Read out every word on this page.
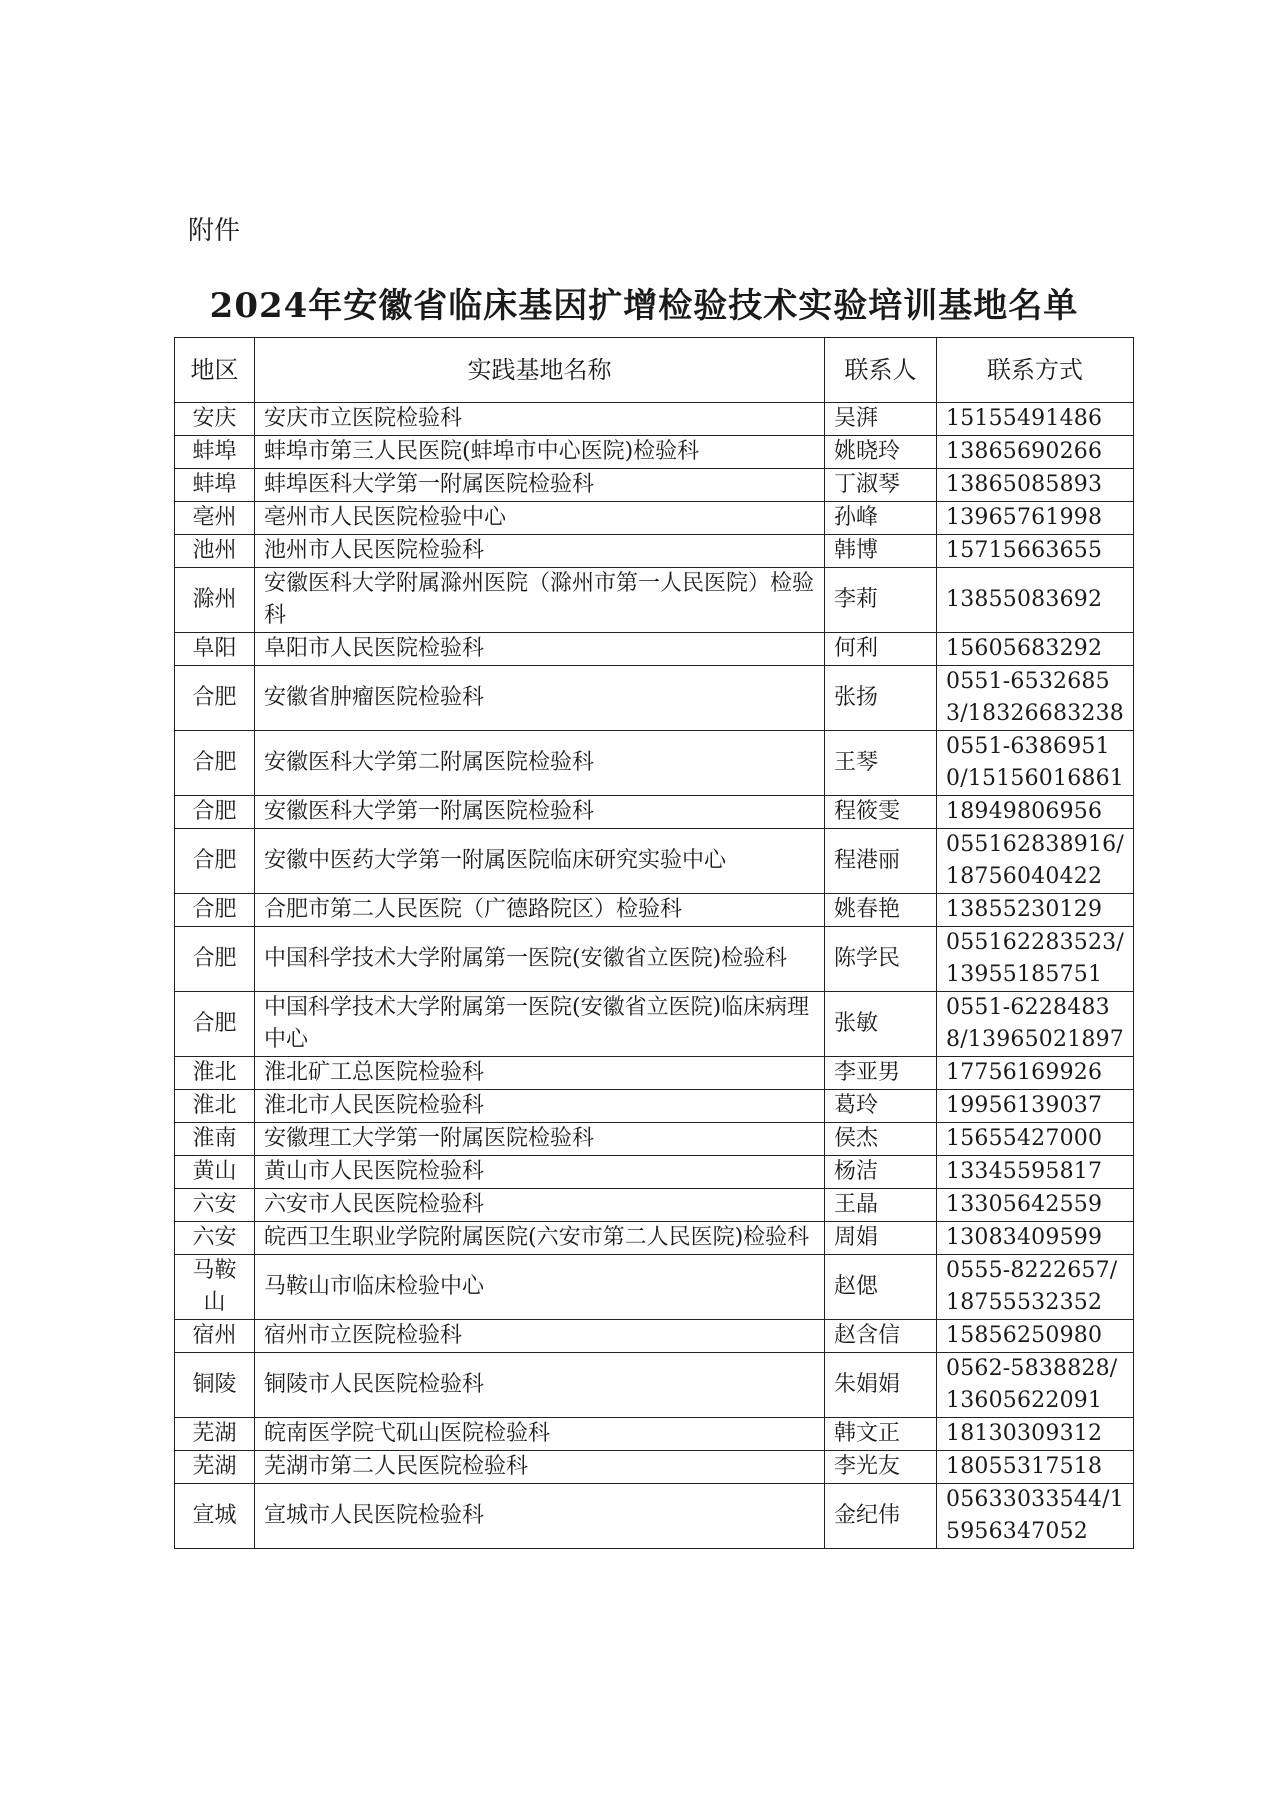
附件

2024年安徽省临床基因扩增检验技术实验培训基地名单
地区	实践基地名称	联系人	联系方式
安庆	安庆市立医院检验科	吴湃	15155491486
蚌埠	蚌埠市第三人民医院(蚌埠市中心医院)检验科	姚晓玲	13865690266
蚌埠	蚌埠医科大学第一附属医院检验科	丁淑琴	13865085893
亳州	亳州市人民医院检验中心	孙峰	13965761998
池州	池州市人民医院检验科	韩博	15715663655
滁州	安徽医科大学附属滁州医院（滁州市第一人民医院）检验科	李莉	13855083692
阜阳	阜阳市人民医院检验科	何利	15605683292
合肥	安徽省肿瘤医院检验科	张扬	0551-65326853/18326683238
合肥	安徽医科大学第二附属医院检验科	王琴	0551-63869510/15156016861
合肥	安徽医科大学第一附属医院检验科	程筱雯	18949806956
合肥	安徽中医药大学第一附属医院临床研究实验中心	程港丽	055162838916/18756040422
合肥	合肥市第二人民医院（广德路院区）检验科	姚春艳	13855230129
合肥	中国科学技术大学附属第一医院(安徽省立医院)检验科	陈学民	055162283523/13955185751
合肥	中国科学技术大学附属第一医院(安徽省立医院)临床病理中心	张敏	0551-62284838/13965021897
淮北	淮北矿工总医院检验科	李亚男	17756169926
淮北	淮北市人民医院检验科	葛玲	19956139037
淮南	安徽理工大学第一附属医院检验科	侯杰	15655427000
黄山	黄山市人民医院检验科	杨洁	13345595817
六安	六安市人民医院检验科	王晶	13305642559
六安	皖西卫生职业学院附属医院(六安市第二人民医院)检验科	周娟	13083409599
马鞍山	马鞍山市临床检验中心	赵偲	0555-8222657/18755532352
宿州	宿州市立医院检验科	赵含信	15856250980
铜陵	铜陵市人民医院检验科	朱娟娟	0562-5838828/13605622091
芜湖	皖南医学院弋矶山医院检验科	韩文正	18130309312
芜湖	芜湖市第二人民医院检验科	李光友	18055317518
宣城	宣城市人民医院检验科	金纪伟	05633033544/15956347052
